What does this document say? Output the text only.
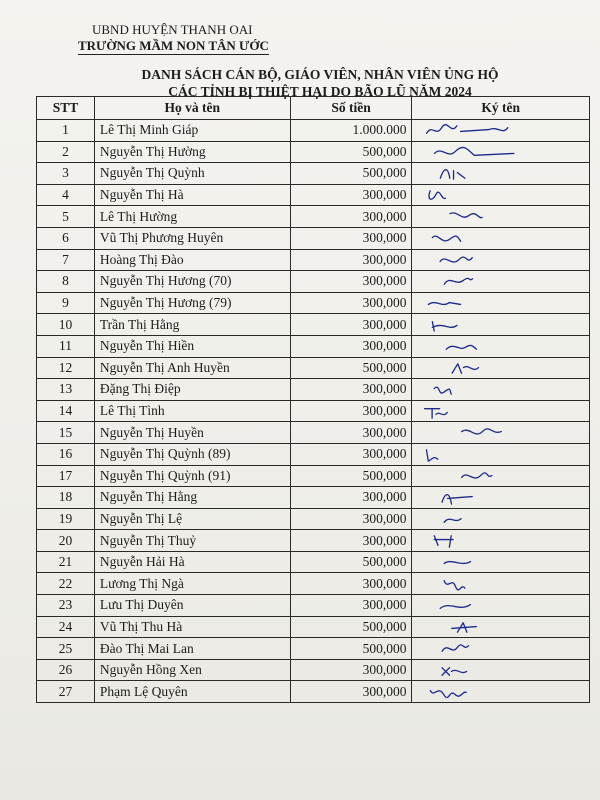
UBND HUYỆN THANH OAI
TRƯỜNG MẦM NON TÂN ƯỚC
DANH SÁCH CÁN BỘ, GIÁO VIÊN, NHÂN VIÊN ỦNG HỘ
CÁC TỈNH BỊ THIỆT HẠI DO BÃO LŨ NĂM 2024
STT	Họ và tên	Số tiền	Ký tên
1	Lê Thị Minh Giáp	1.000.000	

2	Nguyễn Thị Hường	500,000	

3	Nguyễn Thị Quỳnh	500,000	

4	Nguyễn Thị Hà	300,000	

5	Lê Thị Hường	300,000	

6	Vũ Thị Phương Huyên	300,000	

7	Hoàng Thị Đào	300,000	

8	Nguyễn Thị Hương (70)	300,000	

9	Nguyễn Thị Hương (79)	300,000	

10	Trần Thị Hằng	300,000	

11	Nguyễn Thị Hiền	300,000	

12	Nguyễn Thị Anh Huyền	500,000	

13	Đặng Thị Điệp	300,000	

14	Lê Thị Tình	300,000	

15	Nguyễn Thị Huyền	300,000	

16	Nguyễn Thị Quỳnh (89)	300,000	

17	Nguyễn Thị Quỳnh (91)	500,000	

18	Nguyễn Thị Hằng	300,000	

19	Nguyễn Thị Lệ	300,000	

20	Nguyễn Thị Thuỷ	300,000	

21	Nguyễn Hải Hà	500,000	

22	Lương Thị Ngà	300,000	

23	Lưu Thị Duyên	300,000	

24	Vũ Thị Thu Hà	500,000	

25	Đào Thị Mai Lan	500,000	

26	Nguyễn Hồng Xen	300,000	

27	Phạm Lệ Quyên	300,000	
